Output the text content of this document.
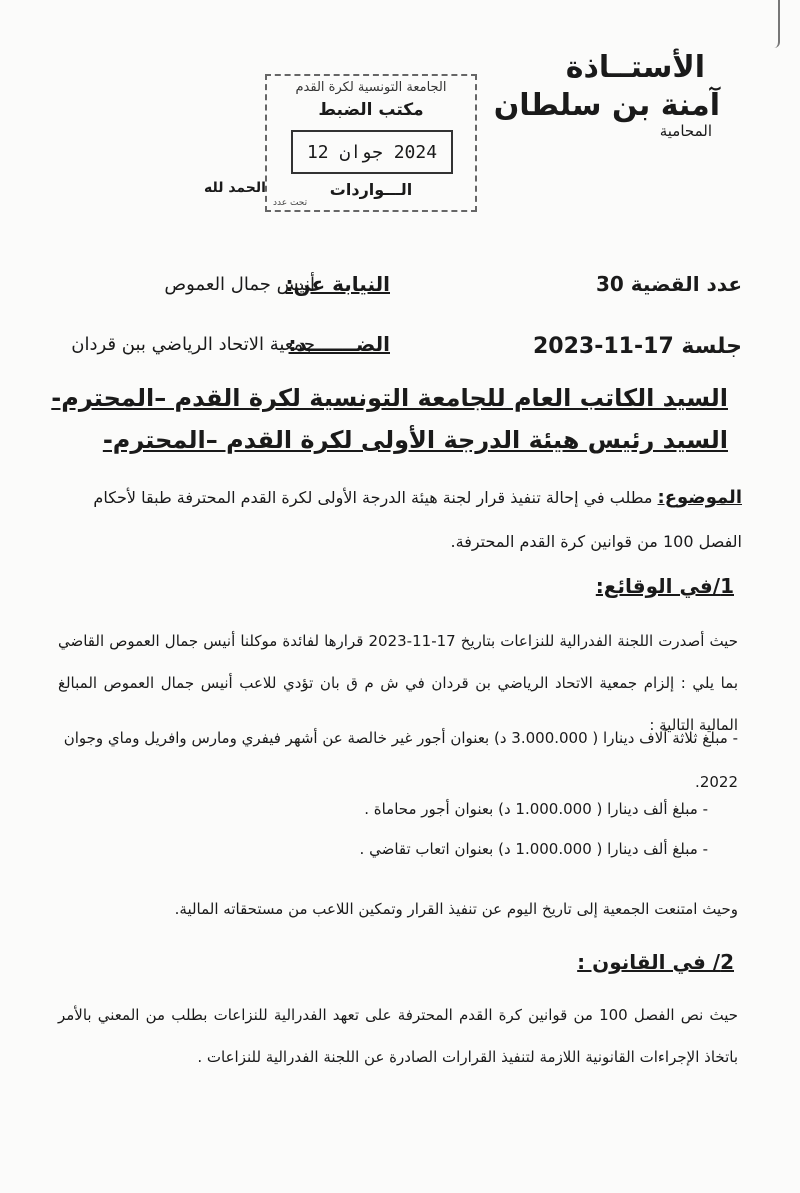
الأستــاذة
آمنة بن سلطان
المحامية
الجامعة التونسية لكرة القدم
مكتب الضبط
2024 جوان 12
الـــواردات
تحت عدد
الحمد لله
عدد القضية 30
النيابة عن:
أنيس جمال العموص
جلسة 17-11-2023
الضـــــــد:
جمعية الاتحاد الرياضي ببن قردان
السيد الكاتب العام للجامعة التونسية لكرة القدم –المحترم-
السيد رئيس هيئة الدرجة الأولى لكرة القدم –المحترم-
الموضوع: مطلب في إحالة تنفيذ قرار لجنة هيئة الدرجة الأولى لكرة القدم المحترفة طبقا لأحكام الفصل 100 من قوانين كرة القدم المحترفة.
1/في الوقائع:
حيث أصدرت اللجنة الفدرالية للنزاعات بتاريخ 17-11-2023 قرارها لفائدة موكلنا أنيس جمال العموص القاضي بما يلي : إلزام جمعية الاتحاد الرياضي بن قردان في ش م ق بان تؤدي للاعب أنيس جمال العموص المبالغ المالية التالية :
- مبلغ ثلاثة آلاف دينارا ( 3.000.000 د) بعنوان أجور غير خالصة عن أشهر فيفري ومارس وافريل وماي وجوان 2022.
- مبلغ ألف دينارا ( 1.000.000 د) بعنوان أجور محاماة .
- مبلغ ألف دينارا ( 1.000.000 د) بعنوان اتعاب تقاضي .
وحيث امتنعت الجمعية إلى تاريخ اليوم عن تنفيذ القرار وتمكين اللاعب من مستحقاته المالية.
2/ في القانون :
حيث نص الفصل 100 من قوانين كرة القدم المحترفة على تعهد الفدرالية للنزاعات بطلب من المعني بالأمر باتخاذ الإجراءات القانونية اللازمة لتنفيذ القرارات الصادرة عن اللجنة الفدرالية للنزاعات .
